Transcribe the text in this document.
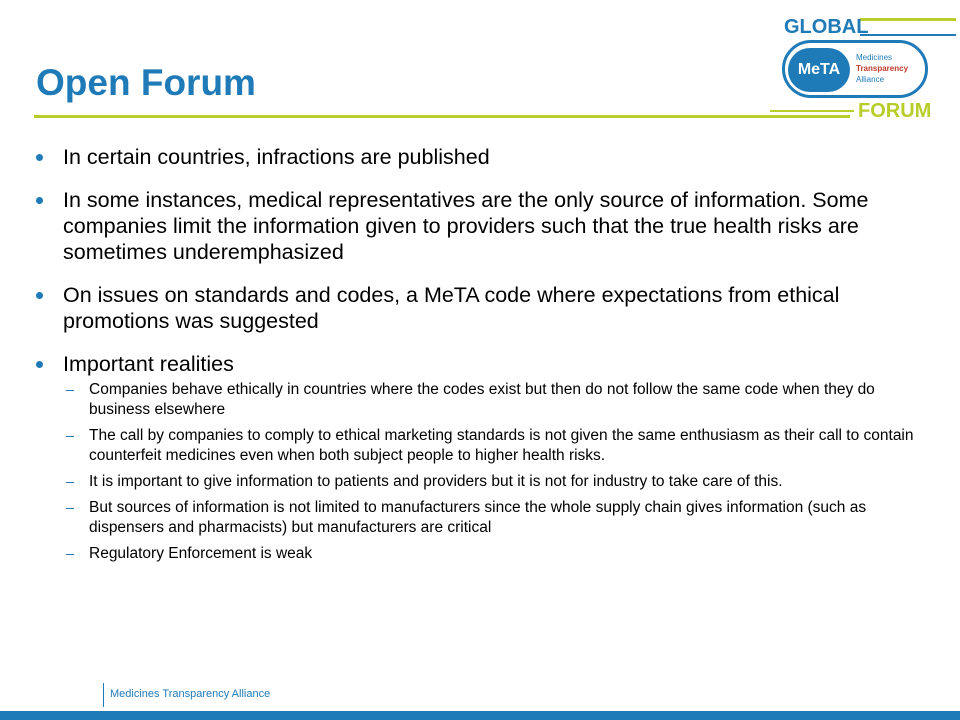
Open Forum
GLOBAL
MeTA
Medicines
Transparency
Alliance
FORUM
In certain countries, infractions are published
In some instances, medical representatives are the only source of information. Some companies limit the information given to providers such that the true health risks are sometimes underemphasized
On issues on standards and codes, a MeTA code where expectations from ethical promotions was suggested
Important realities
Companies behave ethically in countries where the codes exist but then do not follow the same code when they do business elsewhere
The call by companies to comply to ethical marketing standards is not given the same enthusiasm as their call to contain counterfeit medicines even when both subject people to higher health risks.
It is important to give information to patients and providers but it is not for industry to take care of this.
But sources of information is not limited to manufacturers since the whole supply chain gives information (such as dispensers and pharmacists) but manufacturers are critical
Regulatory Enforcement is weak
Medicines Transparency Alliance
